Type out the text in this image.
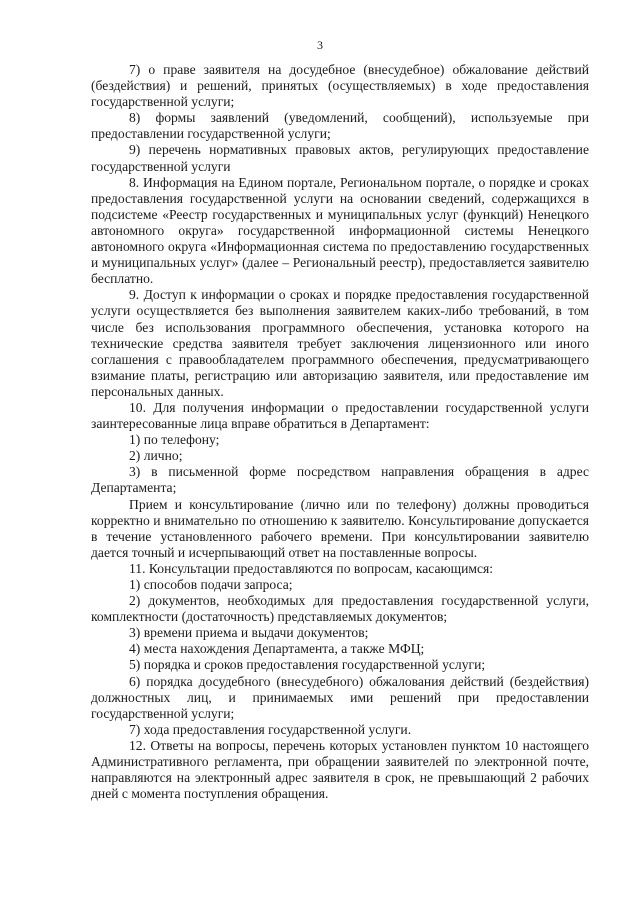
3

7) о праве заявителя на досудебное (внесудебное) обжалование действий (бездействия) и решений, принятых (осуществляемых) в ходе предоставления государственной услуги;

8) формы заявлений (уведомлений, сообщений), используемые при предоставлении государственной услуги;

9) перечень нормативных правовых актов, регулирующих предоставление государственной услуги

8. Информация на Едином портале, Региональном портале, о порядке и сроках предоставления государственной услуги на основании сведений, содержащихся в подсистеме «Реестр государственных и муниципальных услуг (функций) Ненецкого автономного округа» государственной информационной системы Ненецкого автономного округа «Информационная система по предоставлению государственных и муниципальных услуг» (далее – Региональный реестр), предоставляется заявителю бесплатно.

9. Доступ к информации о сроках и порядке предоставления государственной услуги осуществляется без выполнения заявителем каких-либо требований, в том числе без использования программного обеспечения, установка которого на технические средства заявителя требует заключения лицензионного или иного соглашения с правообладателем программного обеспечения, предусматривающего взимание платы, регистрацию или авторизацию заявителя, или предоставление им персональных данных.

10. Для получения информации о предоставлении государственной услуги заинтересованные лица вправе обратиться в Департамент:

1) по телефону;

2) лично;

3) в письменной форме посредством направления обращения в адрес Департамента;

Прием и консультирование (лично или по телефону) должны проводиться корректно и внимательно по отношению к заявителю. Консультирование допускается в течение установленного рабочего времени. При консультировании заявителю дается точный и исчерпывающий ответ на поставленные вопросы.

11. Консультации предоставляются по вопросам, касающимся:

1) способов подачи запроса;

2) документов, необходимых для предоставления государственной услуги, комплектности (достаточность) представляемых документов;

3) времени приема и выдачи документов;

4) места нахождения Департамента, а также МФЦ;

5) порядка и сроков предоставления государственной услуги;

6) порядка досудебного (внесудебного) обжалования действий (бездействия) должностных лиц, и принимаемых ими решений при предоставлении государственной услуги;

7) хода предоставления государственной услуги.

12. Ответы на вопросы, перечень которых установлен пунктом 10 настоящего Административного регламента, при обращении заявителей по электронной почте, направляются на электронный адрес заявителя в срок, не превышающий 2 рабочих дней с момента поступления обращения.
